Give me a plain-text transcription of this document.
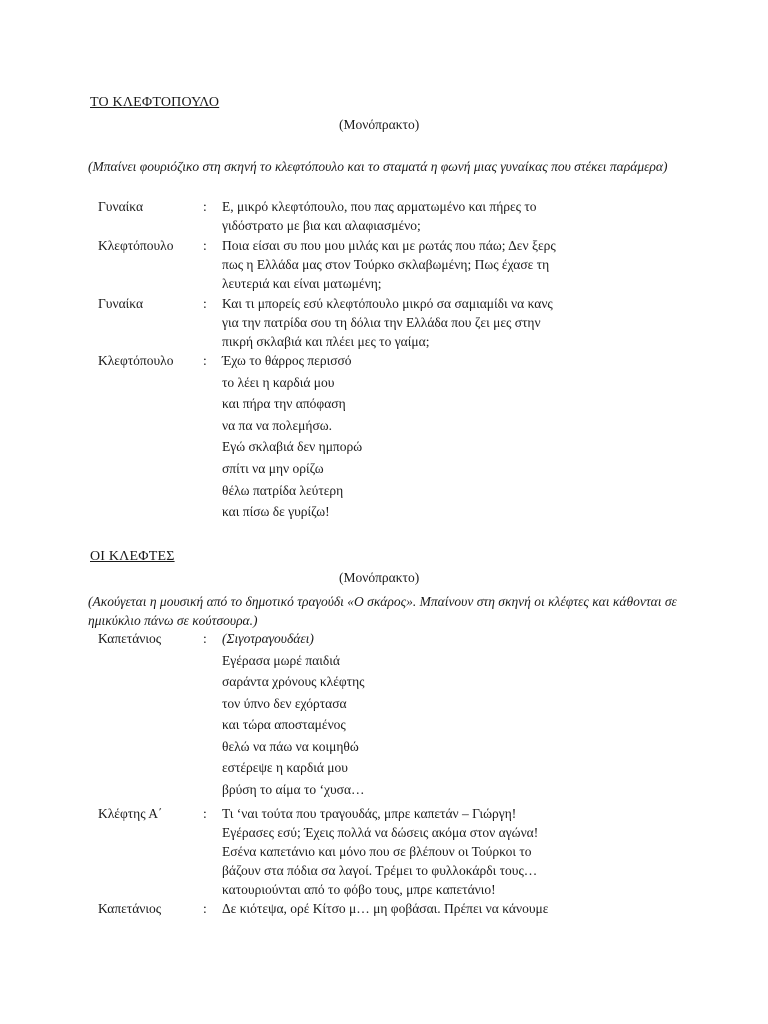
ΤΟ ΚΛΕΦΤΟΠΟΥΛΟ
(Μονόπρακτο)
(Μπαίνει φουριόζικο στη σκηνή το κλεφτόπουλο και το σταματά η φωνή μιας γυναίκας που στέκει παράμερα)
Γυναίκα	: Ε, μικρό κλεφτόπουλο, που πας αρματωμένο και πήρες το
γιδόστρατο με βια και αλαφιασμένο;
Κλεφτόπουλο	: Ποια είσαι συ που μου μιλάς και με ρωτάς που πάω; Δεν ξερς
πως η Ελλάδα μας στον Τούρκο σκλαβωμένη; Πως έχασε τη
λευτεριά και είναι ματωμένη;
Γυναίκα	: Και τι μπορείς εσύ κλεφτόπουλο μικρό σα σαμιαμίδι να κανς
για την πατρίδα σου τη δόλια την Ελλάδα που ζει μες στην
πικρή σκλαβιά και πλέει μες το γαίμα;
Κλεφτόπουλο	: Έχω το θάρρος περισσό
το λέει η καρδιά μου
και πήρα την απόφαση
να πα να πολεμήσω.
Εγώ σκλαβιά δεν ημπορώ
σπίτι να μην ορίζω
θέλω πατρίδα λεύτερη
και πίσω δε γυρίζω!
ΟΙ ΚΛΕΦΤΕΣ
(Μονόπρακτο)
(Ακούγεται η μουσική από το δημοτικό τραγούδι «Ο σκάρος». Μπαίνουν στη σκηνή οι κλέφτες και κάθονται σε ημικύκλιο πάνω σε κούτσουρα.)
Καπετάνιος	: (Σιγοτραγουδάει)
Εγέρασα μωρέ παιδιά
σαράντα χρόνους κλέφτης
τον ύπνο δεν εχόρτασα
και τώρα αποσταμένος
θελώ να πάω να κοιμηθώ
εστέρεψε η καρδιά μου
βρύση το αίμα το ‘χυσα…
Κλέφτης Α΄	: Τι ‘ναι τούτα που τραγουδάς, μπρε καπετάν – Γιώργη!
Εγέρασες εσύ; Έχεις πολλά να δώσεις ακόμα στον αγώνα!
Εσένα καπετάνιο και μόνο που σε βλέπουν οι Τούρκοι το
βάζουν στα πόδια σα λαγοί. Τρέμει το φυλλοκάρδι τους…
κατουριούνται από το φόβο τους, μπρε καπετάνιο!
Καπετάνιος	: Δε κιότεψα, ορέ Κίτσο μ… μη φοβάσαι. Πρέπει να κάνουμε
